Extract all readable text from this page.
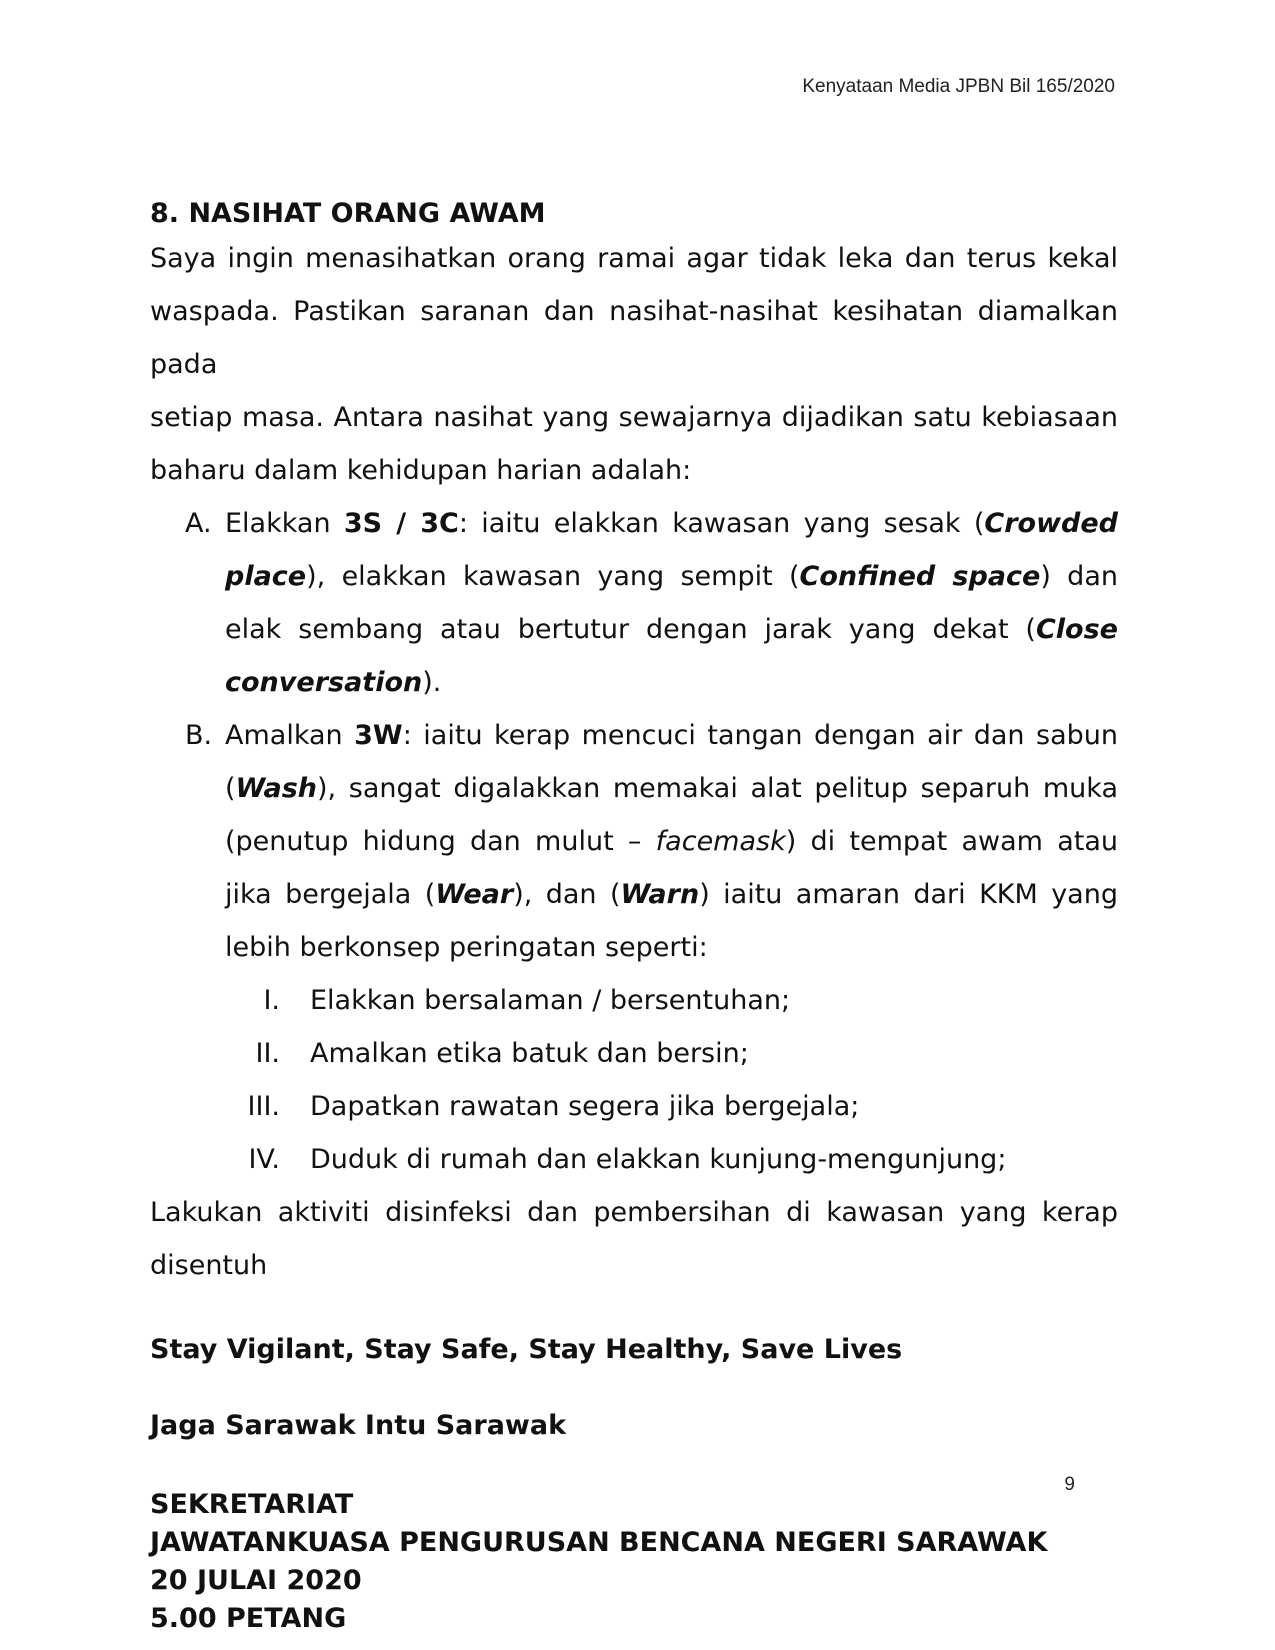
Kenyataan Media JPBN Bil 165/2020

8. NASIHAT ORANG AWAM

Saya ingin menasihatkan orang ramai agar tidak leka dan terus kekal

waspada. Pastikan saranan dan nasihat-nasihat kesihatan diamalkan pada

setiap masa. Antara nasihat yang sewajarnya dijadikan satu kebiasaan

baharu dalam kehidupan harian adalah:

A. Elakkan 3S / 3C: iaitu elakkan kawasan yang sesak (Crowded place), elakkan kawasan yang sempit (Confined space) dan elak sembang atau bertutur dengan jarak yang dekat (Close conversation).
B. Amalkan 3W: iaitu kerap mencuci tangan dengan air dan sabun (Wash), sangat digalakkan memakai alat pelitup separuh muka (penutup hidung dan mulut – facemask) di tempat awam atau jika bergejala (Wear), dan (Warn) iaitu amaran dari KKM yang lebih berkonsep peringatan seperti:
I. Elakkan bersalaman / bersentuhan;
II. Amalkan etika batuk dan bersin;
III. Dapatkan rawatan segera jika bergejala;
IV. Duduk di rumah dan elakkan kunjung-mengunjung;

Lakukan aktiviti disinfeksi dan pembersihan di kawasan yang kerap disentuh

Stay Vigilant, Stay Safe, Stay Healthy, Save Lives

Jaga Sarawak Intu Sarawak

SEKRETARIAT

JAWATANKUASA PENGURUSAN BENCANA NEGERI SARAWAK

20 JULAI 2020

5.00 PETANG

9
